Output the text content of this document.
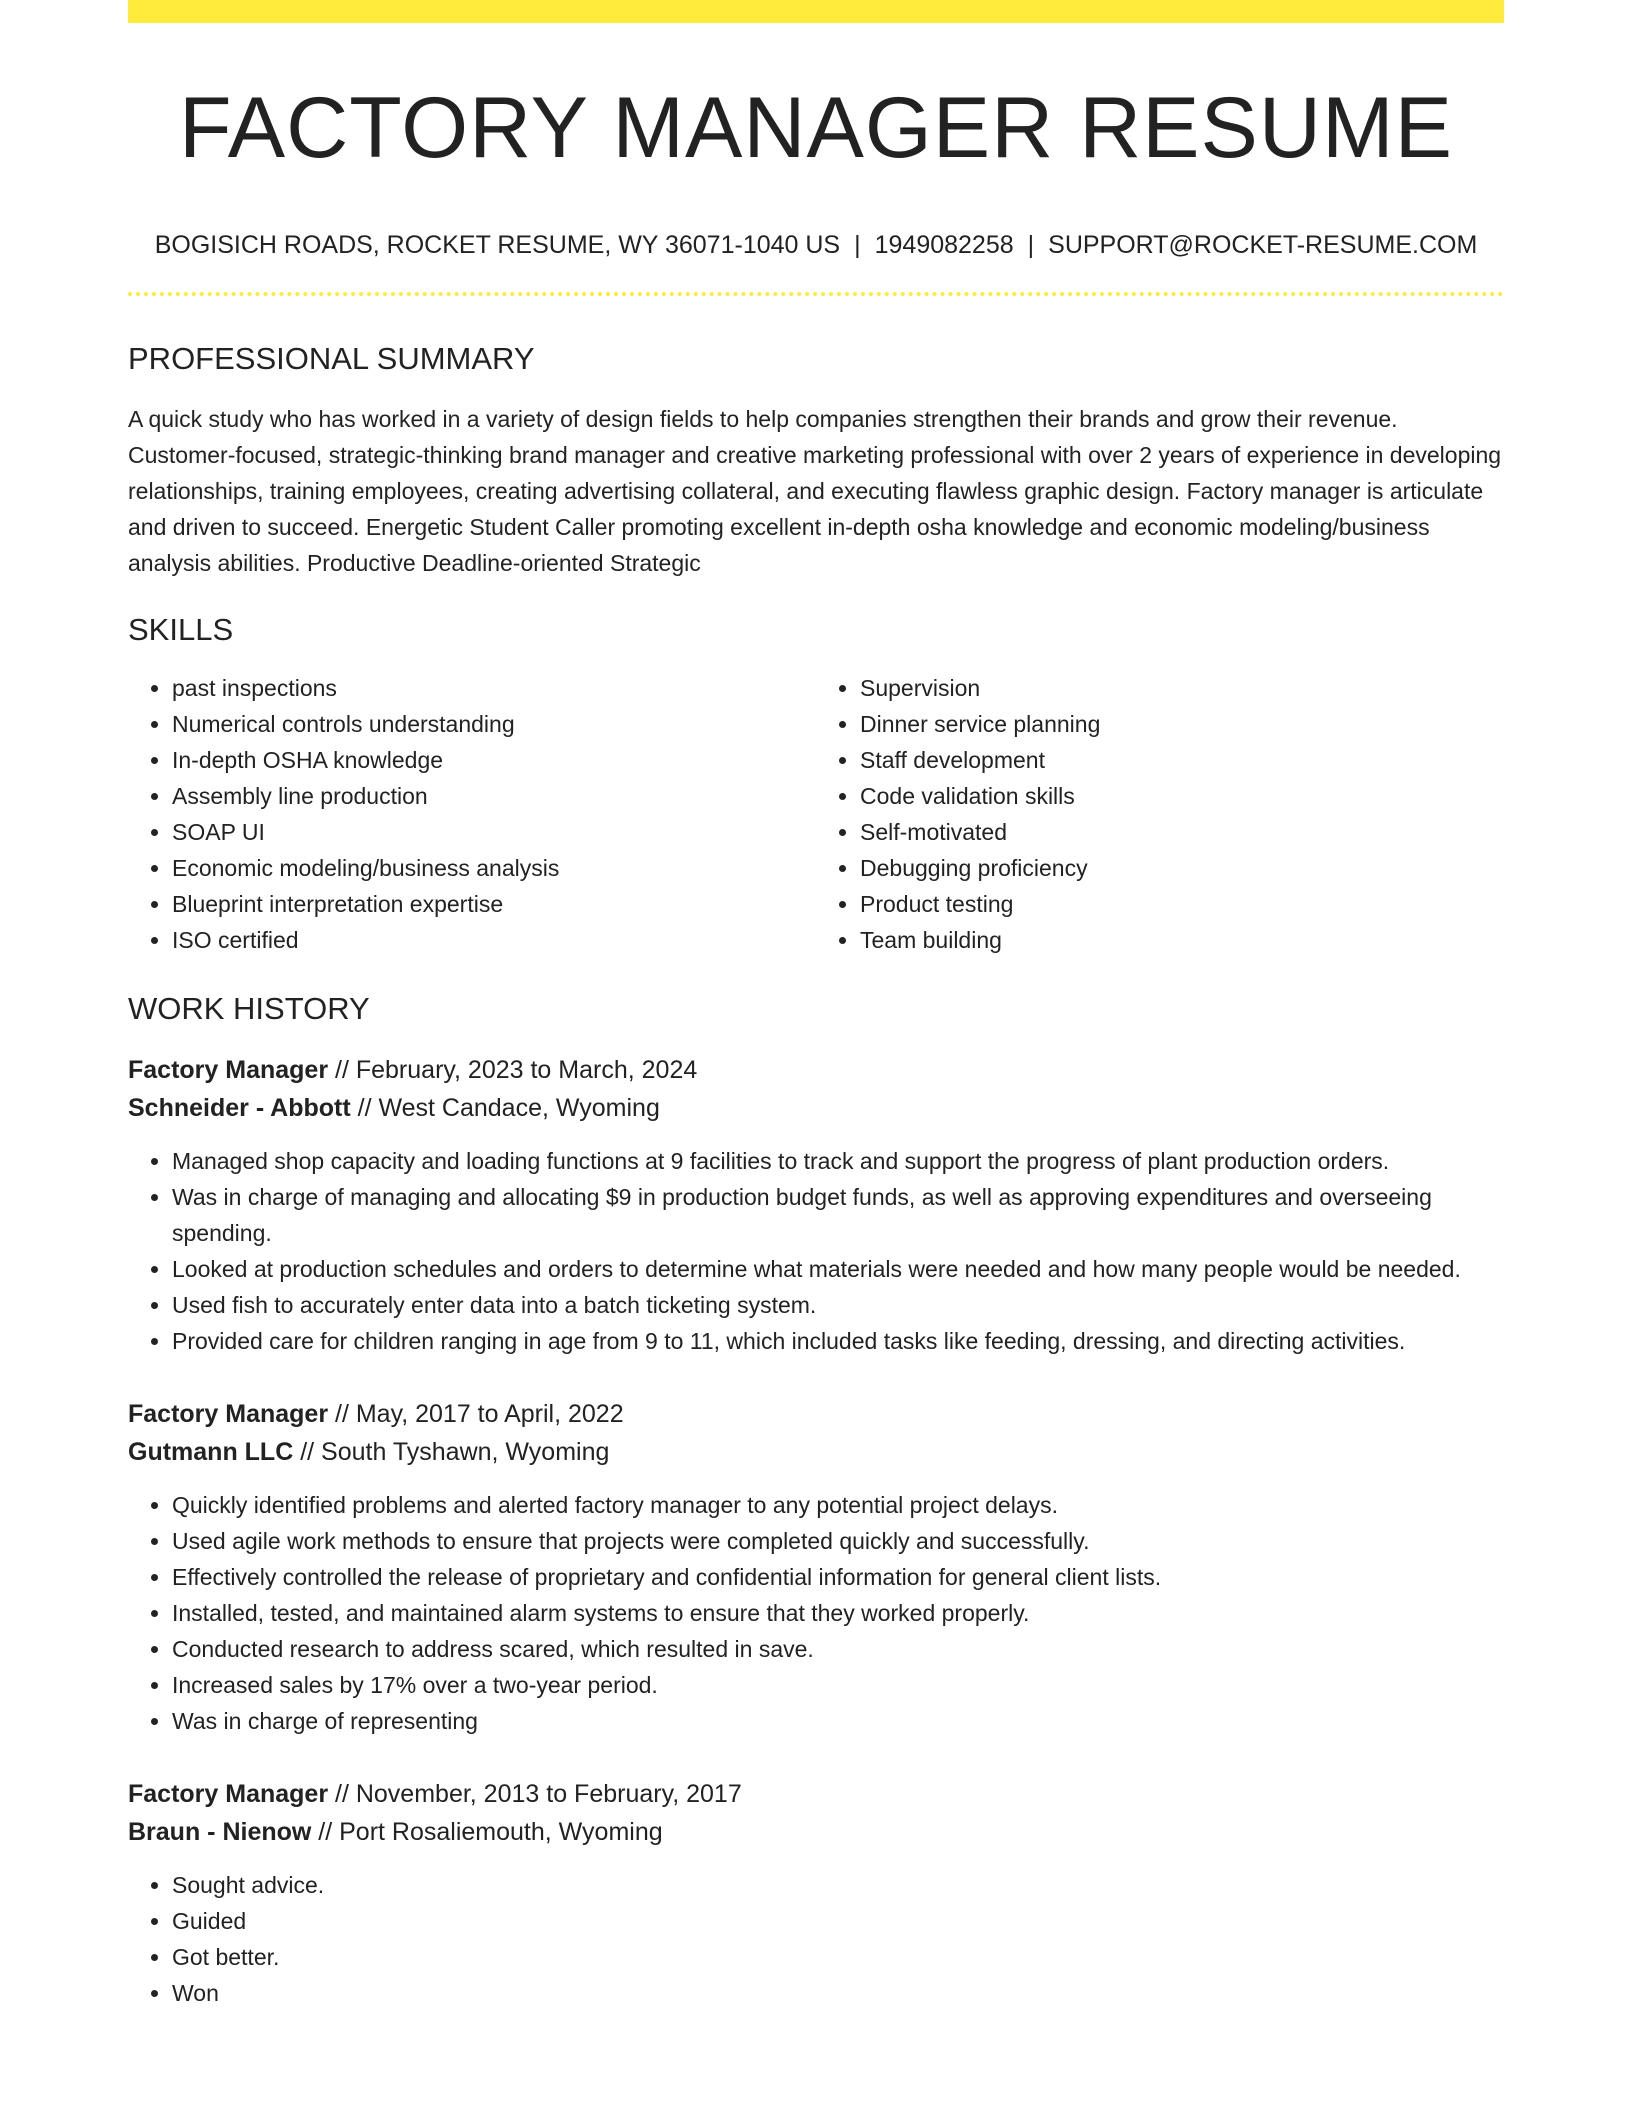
FACTORY MANAGER RESUME
BOGISICH ROADS, ROCKET RESUME, WY 36071-1040 US | 1949082258 | SUPPORT@ROCKET-RESUME.COM
PROFESSIONAL SUMMARY
A quick study who has worked in a variety of design fields to help companies strengthen their brands and grow their revenue. Customer-focused, strategic-thinking brand manager and creative marketing professional with over 2 years of experience in developing relationships, training employees, creating advertising collateral, and executing flawless graphic design. Factory manager is articulate and driven to succeed. Energetic Student Caller promoting excellent in-depth osha knowledge and economic modeling/business analysis abilities. Productive Deadline-oriented Strategic
SKILLS
• past inspections
• Numerical controls understanding
• In-depth OSHA knowledge
• Assembly line production
• SOAP UI
• Economic modeling/business analysis
• Blueprint interpretation expertise
• ISO certified
• Supervision
• Dinner service planning
• Staff development
• Code validation skills
• Self-motivated
• Debugging proficiency
• Product testing
• Team building
WORK HISTORY
Factory Manager // February, 2023 to March, 2024
Schneider - Abbott // West Candace, Wyoming
• Managed shop capacity and loading functions at 9 facilities to track and support the progress of plant production orders.
• Was in charge of managing and allocating $9 in production budget funds, as well as approving expenditures and overseeing spending.
• Looked at production schedules and orders to determine what materials were needed and how many people would be needed.
• Used fish to accurately enter data into a batch ticketing system.
• Provided care for children ranging in age from 9 to 11, which included tasks like feeding, dressing, and directing activities.
Factory Manager // May, 2017 to April, 2022
Gutmann LLC // South Tyshawn, Wyoming
• Quickly identified problems and alerted factory manager to any potential project delays.
• Used agile work methods to ensure that projects were completed quickly and successfully.
• Effectively controlled the release of proprietary and confidential information for general client lists.
• Installed, tested, and maintained alarm systems to ensure that they worked properly.
• Conducted research to address scared, which resulted in save.
• Increased sales by 17% over a two-year period.
• Was in charge of representing
Factory Manager // November, 2013 to February, 2017
Braun - Nienow // Port Rosaliemouth, Wyoming
• Sought advice.
• Guided
• Got better.
• Won
